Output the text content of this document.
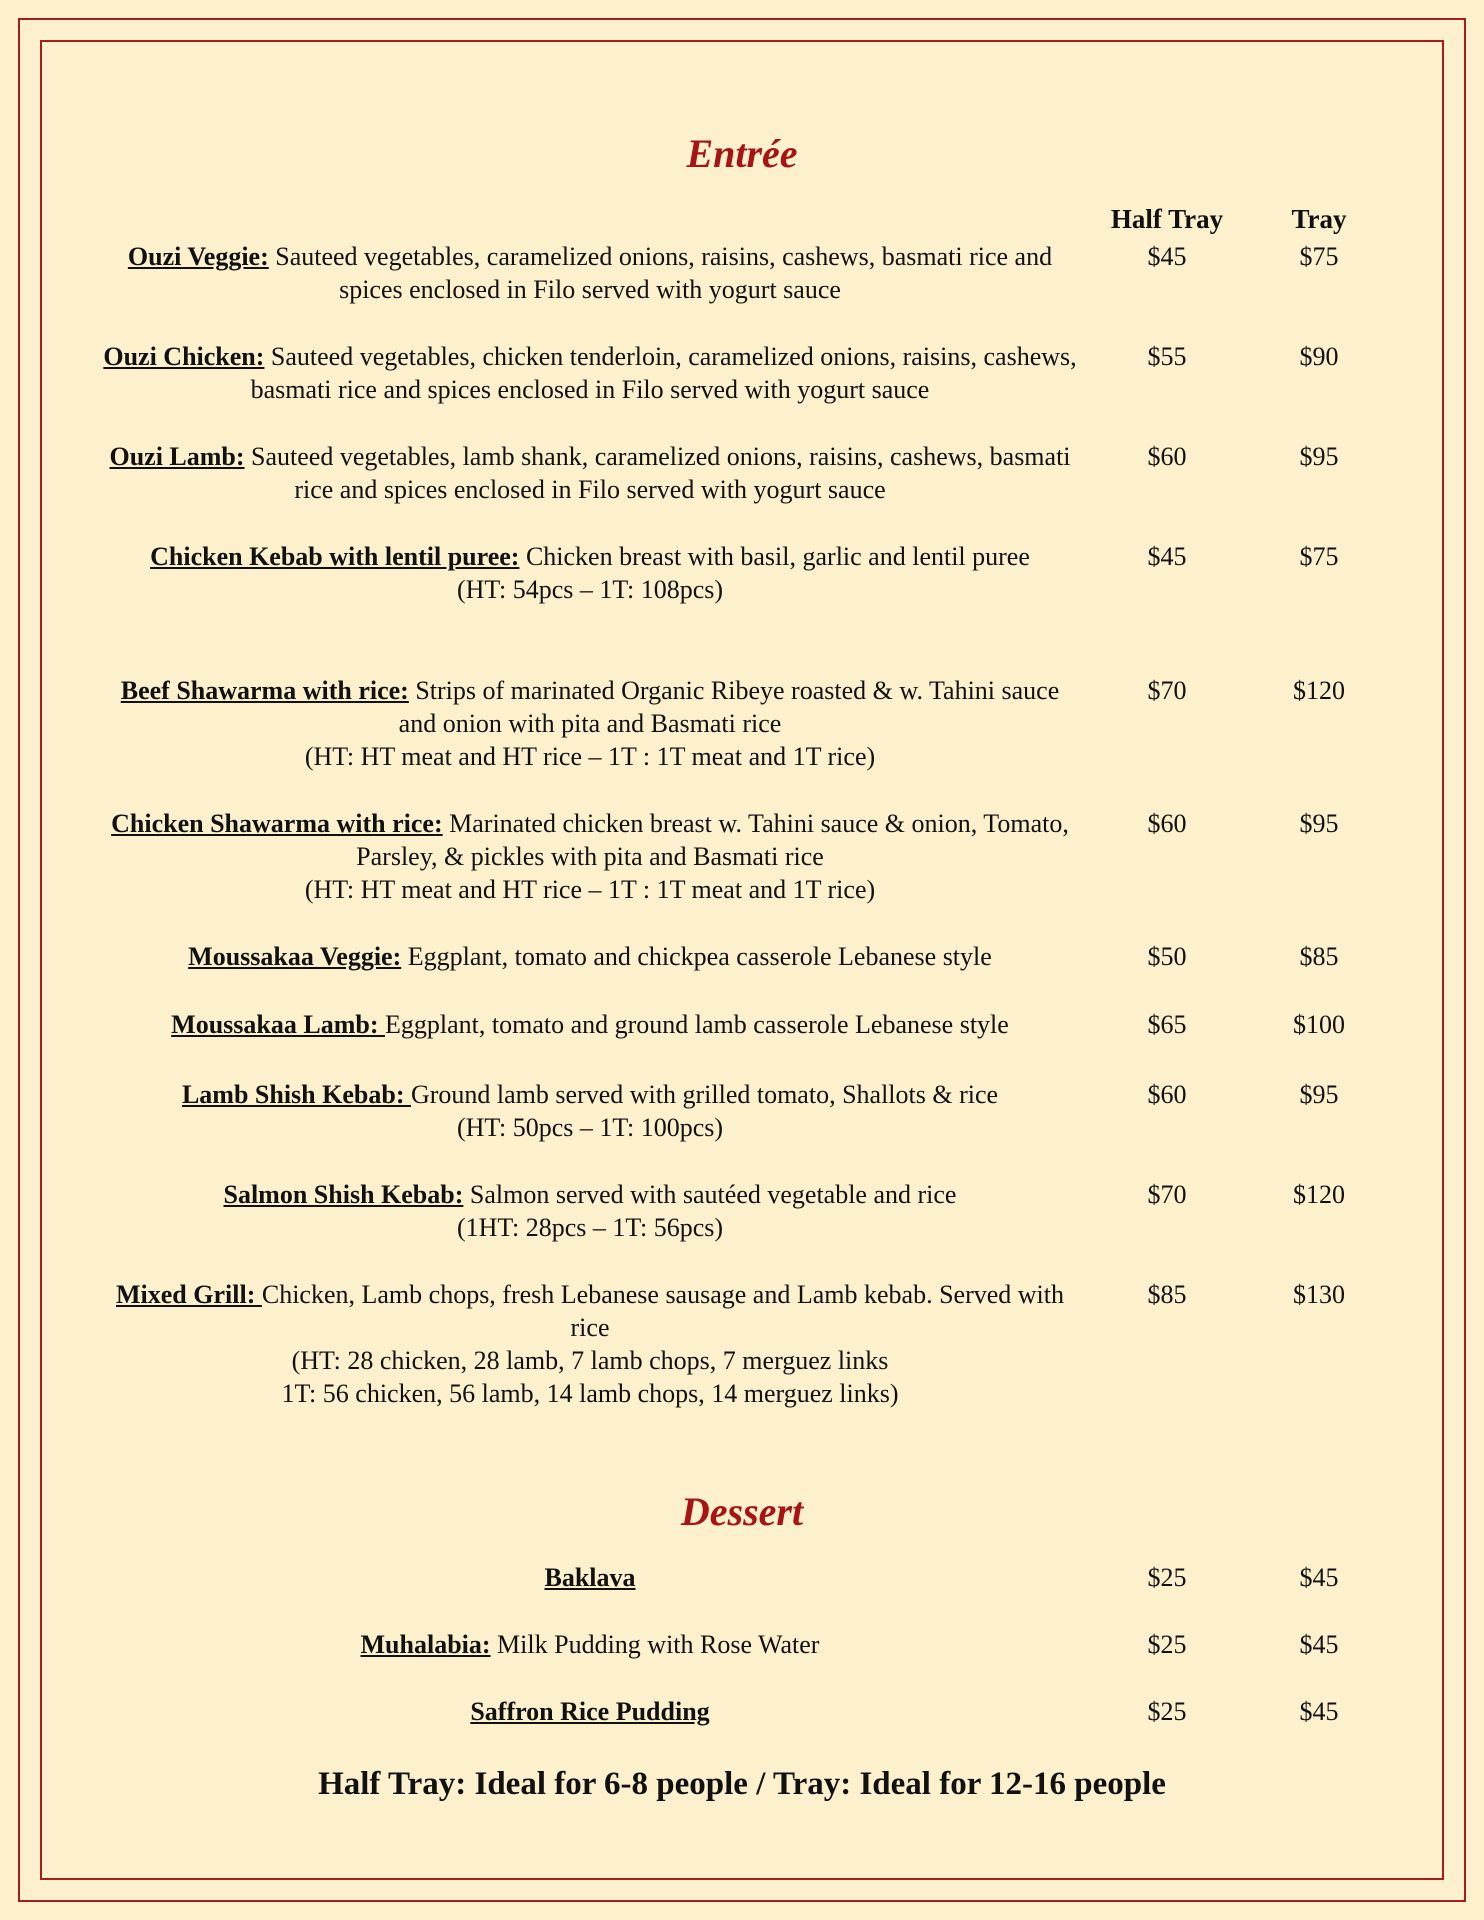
Entrée
Half Tray	Tray
Ouzi Veggie: Sauteed vegetables, caramelized onions, raisins, cashews, basmati rice and spices enclosed in Filo served with yogurt sauce
$45	$75
Ouzi Chicken: Sauteed vegetables, chicken tenderloin, caramelized onions, raisins, cashews, basmati rice and spices enclosed in Filo served with yogurt sauce
$55	$90
Ouzi Lamb: Sauteed vegetables, lamb shank, caramelized onions, raisins, cashews, basmati rice and spices enclosed in Filo served with yogurt sauce
$60	$95
Chicken Kebab with lentil puree: Chicken breast with basil, garlic and lentil puree
(HT: 54pcs – 1T: 108pcs)
$45	$75
Beef Shawarma with rice: Strips of marinated Organic Ribeye roasted & w. Tahini sauce and onion with pita and Basmati rice
(HT: HT meat and HT rice – 1T : 1T meat and 1T rice)
$70	$120
Chicken Shawarma with rice: Marinated chicken breast w. Tahini sauce & onion, Tomato, Parsley, & pickles with pita and Basmati rice
(HT: HT meat and HT rice – 1T : 1T meat and 1T rice)
$60	$95
Moussakaa Veggie: Eggplant, tomato and chickpea casserole Lebanese style	$50	$85
Moussakaa Lamb: Eggplant, tomato and ground lamb casserole Lebanese style	$65	$100
Lamb Shish Kebab: Ground lamb served with grilled tomato, Shallots & rice
(HT: 50pcs – 1T: 100pcs)
$60	$95
Salmon Shish Kebab: Salmon served with sautéed vegetable and rice
(1HT: 28pcs – 1T: 56pcs)
$70	$120
Mixed Grill: Chicken, Lamb chops, fresh Lebanese sausage and Lamb kebab. Served with rice
(HT: 28 chicken, 28 lamb, 7 lamb chops, 7 merguez links
1T: 56 chicken, 56 lamb, 14 lamb chops, 14 merguez links)
$85	$130
Dessert
Baklava	$25	$45
Muhalabia: Milk Pudding with Rose Water	$25	$45
Saffron Rice Pudding	$25	$45
Half Tray: Ideal for 6-8 people / Tray: Ideal for 12-16 people
